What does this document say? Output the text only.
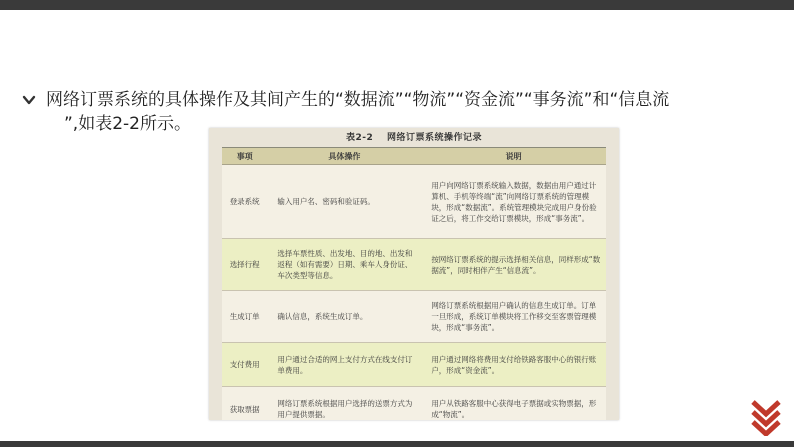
网络订票系统的具体操作及其间产生的“数据流”“物流”“资金流”“事务流”和“信息流
”,如表2-2所示。
表2-2 网络订票系统操作记录
事项	具体操作	说明
登录系统	输入用户名、密码和验证码。	用户向网络订票系统输入数据，数据由用户通过计算机、手机等终端“流”向网络订票系统的管理模块，形成“数据流”。系统管理模块完成用户身份验证之后，将工作交给订票模块，形成“事务流”。
选择行程	选择车票性质、出发地、目的地、出发和返程（如有需要）日期、乘车人身份证、车次类型等信息。	按网络订票系统的提示选择相关信息，同样形成“数据流”，同时相伴产生“信息流”。
生成订单	确认信息，系统生成订单。	网络订票系统根据用户确认的信息生成订单。订单一旦形成，系统订单模块将工作移交至客票管理模块，形成“事务流”。
支付费用	用户通过合适的网上支付方式在线支付订单费用。	用户通过网络将费用支付给铁路客服中心的银行账户，形成“资金流”。
获取票据	网络订票系统根据用户选择的送票方式为用户提供票据。	用户从铁路客服中心获得电子票据或实物票据，形成“物流”。
